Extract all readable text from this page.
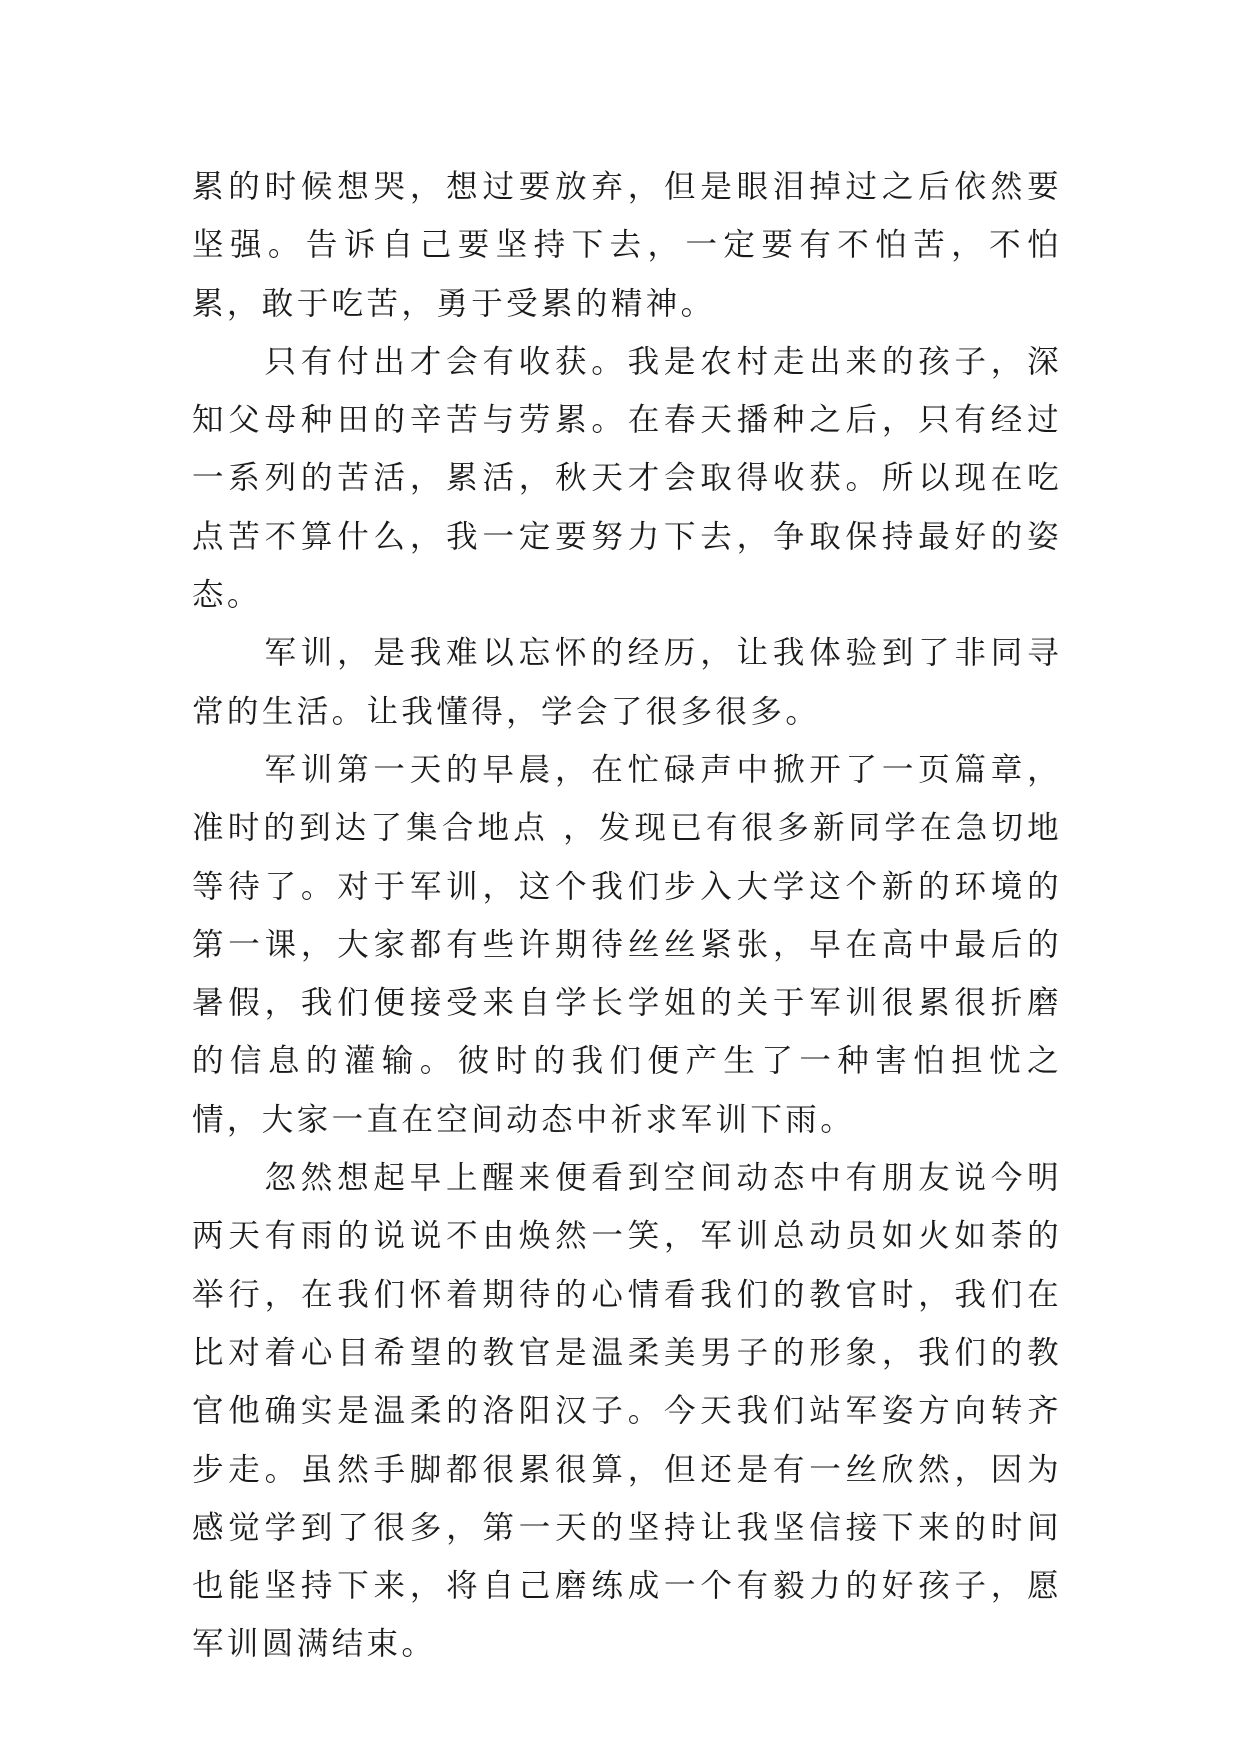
累的时候想哭，想过要放弃，但是眼泪掉过之后依然要坚强。告诉自己要坚持下去，一定要有不怕苦，不怕累，敢于吃苦，勇于受累的精神。

只有付出才会有收获。我是农村走出来的孩子，深知父母种田的辛苦与劳累。在春天播种之后，只有经过一系列的苦活，累活，秋天才会取得收获。所以现在吃点苦不算什么，我一定要努力下去，争取保持最好的姿态。

军训，是我难以忘怀的经历，让我体验到了非同寻常的生活。让我懂得，学会了很多很多。

军训第一天的早晨，在忙碌声中掀开了一页篇章，准时的到达了集合地点 ，发现已有很多新同学在急切地等待了。对于军训，这个我们步入大学这个新的环境的第一课，大家都有些许期待丝丝紧张，早在高中最后的暑假，我们便接受来自学长学姐的关于军训很累很折磨的信息的灌输。彼时的我们便产生了一种害怕担忧之情，大家一直在空间动态中祈求军训下雨。

忽然想起早上醒来便看到空间动态中有朋友说今明两天有雨的说说不由焕然一笑，军训总动员如火如荼的举行，在我们怀着期待的心情看我们的教官时，我们在比对着心目希望的教官是温柔美男子的形象，我们的教官他确实是温柔的洛阳汉子。今天我们站军姿方向转齐步走。虽然手脚都很累很算，但还是有一丝欣然，因为感觉学到了很多，第一天的坚持让我坚信接下来的时间也能坚持下来，将自己磨练成一个有毅力的好孩子，愿军训圆满结束。
